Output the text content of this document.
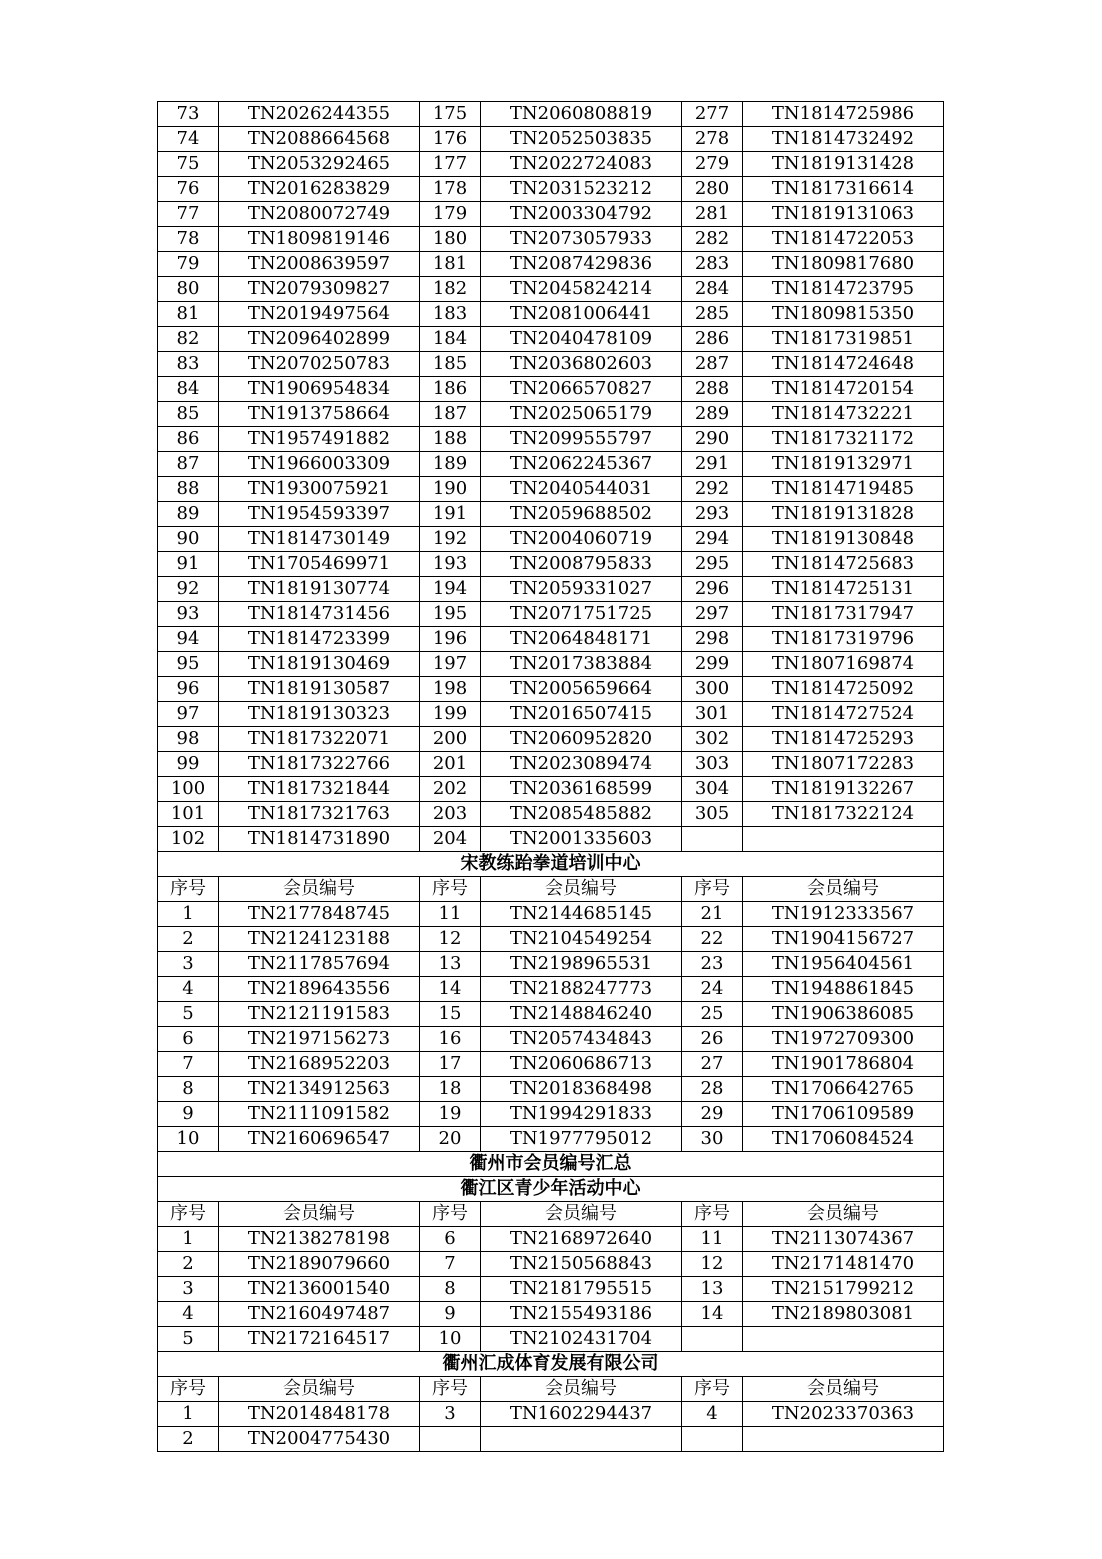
73	TN2026244355	175	TN2060808819	277	TN1814725986
74	TN2088664568	176	TN2052503835	278	TN1814732492
75	TN2053292465	177	TN2022724083	279	TN1819131428
76	TN2016283829	178	TN2031523212	280	TN1817316614
77	TN2080072749	179	TN2003304792	281	TN1819131063
78	TN1809819146	180	TN2073057933	282	TN1814722053
79	TN2008639597	181	TN2087429836	283	TN1809817680
80	TN2079309827	182	TN2045824214	284	TN1814723795
81	TN2019497564	183	TN2081006441	285	TN1809815350
82	TN2096402899	184	TN2040478109	286	TN1817319851
83	TN2070250783	185	TN2036802603	287	TN1814724648
84	TN1906954834	186	TN2066570827	288	TN1814720154
85	TN1913758664	187	TN2025065179	289	TN1814732221
86	TN1957491882	188	TN2099555797	290	TN1817321172
87	TN1966003309	189	TN2062245367	291	TN1819132971
88	TN1930075921	190	TN2040544031	292	TN1814719485
89	TN1954593397	191	TN2059688502	293	TN1819131828
90	TN1814730149	192	TN2004060719	294	TN1819130848
91	TN1705469971	193	TN2008795833	295	TN1814725683
92	TN1819130774	194	TN2059331027	296	TN1814725131
93	TN1814731456	195	TN2071751725	297	TN1817317947
94	TN1814723399	196	TN2064848171	298	TN1817319796
95	TN1819130469	197	TN2017383884	299	TN1807169874
96	TN1819130587	198	TN2005659664	300	TN1814725092
97	TN1819130323	199	TN2016507415	301	TN1814727524
98	TN1817322071	200	TN2060952820	302	TN1814725293
99	TN1817322766	201	TN2023089474	303	TN1807172283
100	TN1817321844	202	TN2036168599	304	TN1819132267
101	TN1817321763	203	TN2085485882	305	TN1817322124
102	TN1814731890	204	TN2001335603		
宋教练跆拳道培训中心					
序号	会员编号	序号	会员编号	序号	会员编号
1	TN2177848745	11	TN2144685145	21	TN1912333567
2	TN2124123188	12	TN2104549254	22	TN1904156727
3	TN2117857694	13	TN2198965531	23	TN1956404561
4	TN2189643556	14	TN2188247773	24	TN1948861845
5	TN2121191583	15	TN2148846240	25	TN1906386085
6	TN2197156273	16	TN2057434843	26	TN1972709300
7	TN2168952203	17	TN2060686713	27	TN1901786804
8	TN2134912563	18	TN2018368498	28	TN1706642765
9	TN2111091582	19	TN1994291833	29	TN1706109589
10	TN2160696547	20	TN1977795012	30	TN1706084524
衢州市会员编号汇总					
衢江区青少年活动中心					
序号	会员编号	序号	会员编号	序号	会员编号
1	TN2138278198	6	TN2168972640	11	TN2113074367
2	TN2189079660	7	TN2150568843	12	TN2171481470
3	TN2136001540	8	TN2181795515	13	TN2151799212
4	TN2160497487	9	TN2155493186	14	TN2189803081
5	TN2172164517	10	TN2102431704		
衢州汇成体育发展有限公司					
序号	会员编号	序号	会员编号	序号	会员编号
1	TN2014848178	3	TN1602294437	4	TN2023370363
2	TN2004775430				
